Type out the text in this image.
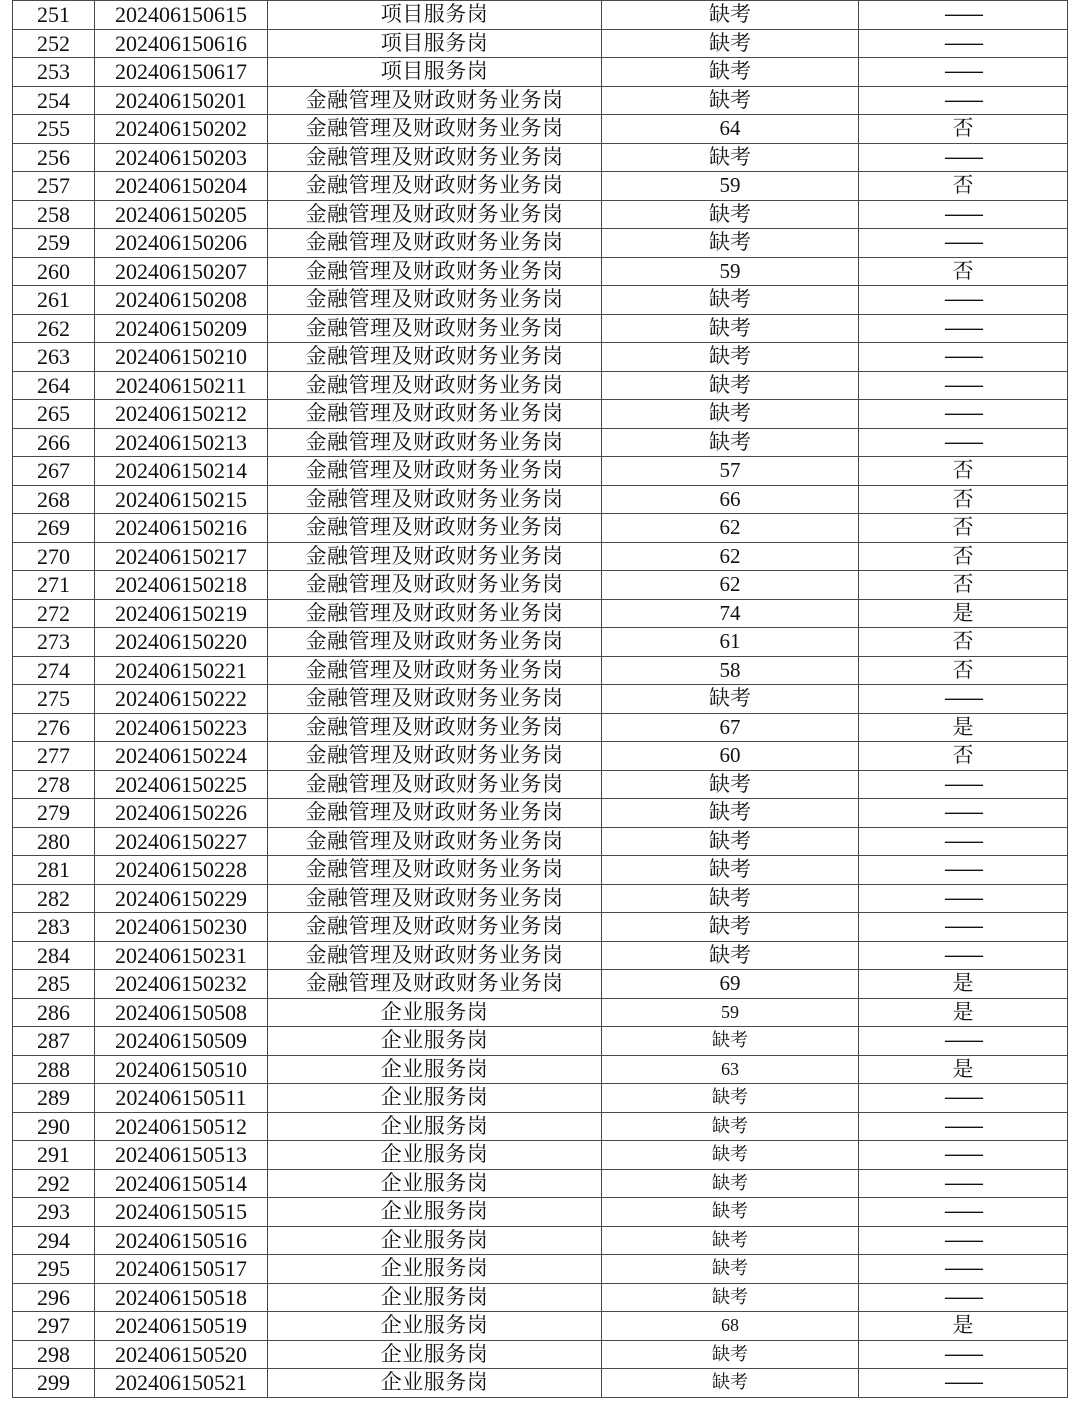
251	202406150615	项目服务岗	缺考	——
252	202406150616	项目服务岗	缺考	——
253	202406150617	项目服务岗	缺考	——
254	202406150201	金融管理及财政财务业务岗	缺考	——
255	202406150202	金融管理及财政财务业务岗	64	否
256	202406150203	金融管理及财政财务业务岗	缺考	——
257	202406150204	金融管理及财政财务业务岗	59	否
258	202406150205	金融管理及财政财务业务岗	缺考	——
259	202406150206	金融管理及财政财务业务岗	缺考	——
260	202406150207	金融管理及财政财务业务岗	59	否
261	202406150208	金融管理及财政财务业务岗	缺考	——
262	202406150209	金融管理及财政财务业务岗	缺考	——
263	202406150210	金融管理及财政财务业务岗	缺考	——
264	202406150211	金融管理及财政财务业务岗	缺考	——
265	202406150212	金融管理及财政财务业务岗	缺考	——
266	202406150213	金融管理及财政财务业务岗	缺考	——
267	202406150214	金融管理及财政财务业务岗	57	否
268	202406150215	金融管理及财政财务业务岗	66	否
269	202406150216	金融管理及财政财务业务岗	62	否
270	202406150217	金融管理及财政财务业务岗	62	否
271	202406150218	金融管理及财政财务业务岗	62	否
272	202406150219	金融管理及财政财务业务岗	74	是
273	202406150220	金融管理及财政财务业务岗	61	否
274	202406150221	金融管理及财政财务业务岗	58	否
275	202406150222	金融管理及财政财务业务岗	缺考	——
276	202406150223	金融管理及财政财务业务岗	67	是
277	202406150224	金融管理及财政财务业务岗	60	否
278	202406150225	金融管理及财政财务业务岗	缺考	——
279	202406150226	金融管理及财政财务业务岗	缺考	——
280	202406150227	金融管理及财政财务业务岗	缺考	——
281	202406150228	金融管理及财政财务业务岗	缺考	——
282	202406150229	金融管理及财政财务业务岗	缺考	——
283	202406150230	金融管理及财政财务业务岗	缺考	——
284	202406150231	金融管理及财政财务业务岗	缺考	——
285	202406150232	金融管理及财政财务业务岗	69	是
286	202406150508	企业服务岗	59	是
287	202406150509	企业服务岗	缺考	——
288	202406150510	企业服务岗	63	是
289	202406150511	企业服务岗	缺考	——
290	202406150512	企业服务岗	缺考	——
291	202406150513	企业服务岗	缺考	——
292	202406150514	企业服务岗	缺考	——
293	202406150515	企业服务岗	缺考	——
294	202406150516	企业服务岗	缺考	——
295	202406150517	企业服务岗	缺考	——
296	202406150518	企业服务岗	缺考	——
297	202406150519	企业服务岗	68	是
298	202406150520	企业服务岗	缺考	——
299	202406150521	企业服务岗	缺考	——
